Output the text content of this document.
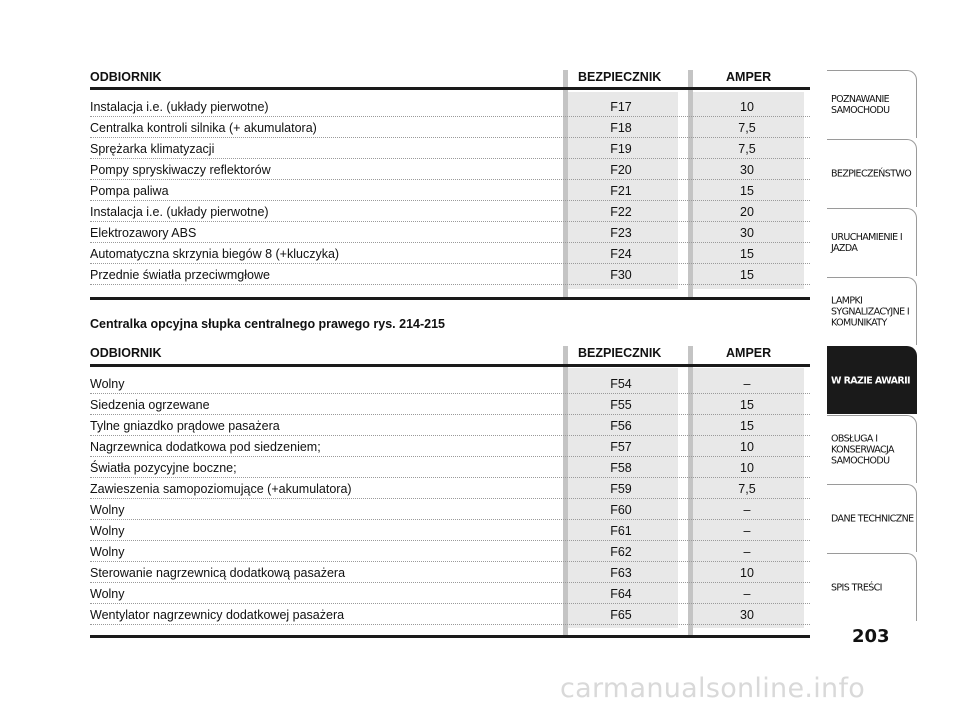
ODBIORNIK	BEZPIECZNIK	AMPER
Instalacja i.e. (układy pierwotne)	F17	10
Centralka kontroli silnika (+ akumulatora)	F18	7,5
Sprężarka klimatyzacji	F19	7,5
Pompy spryskiwaczy reflektorów	F20	30
Pompa paliwa	F21	15
Instalacja i.e. (układy pierwotne)	F22	20
Elektrozawory ABS	F23	30
Automatyczna skrzynia biegów 8 (+kluczyka)	F24	15
Przednie światła przeciwmgłowe	F30	15
Centralka opcyjna słupka centralnego prawego rys. 214-215
ODBIORNIK	BEZPIECZNIK	AMPER
Wolny	F54	–
Siedzenia ogrzewane	F55	15
Tylne gniazdko prądowe pasażera	F56	15
Nagrzewnica dodatkowa pod siedzeniem;	F57	10
Światła pozycyjne boczne;	F58	10
Zawieszenia samopoziomujące (+akumulatora)	F59	7,5
Wolny	F60	–
Wolny	F61	–
Wolny	F62	–
Sterowanie nagrzewnicą dodatkową pasażera	F63	10
Wolny	F64	–
Wentylator nagrzewnicy dodatkowej pasażera	F65	30
POZNAWANIE
SAMOCHODU
BEZPIECZEŃSTWO
URUCHAMIENIE I
JAZDA
LAMPKI
SYGNALIZACYJNE I
KOMUNIKATY
W RAZIE AWARII
OBSŁUGA I
KONSERWACJA
SAMOCHODU
DANE TECHNICZNE
SPIS TREŚCI
203
carmanualsonline.info
